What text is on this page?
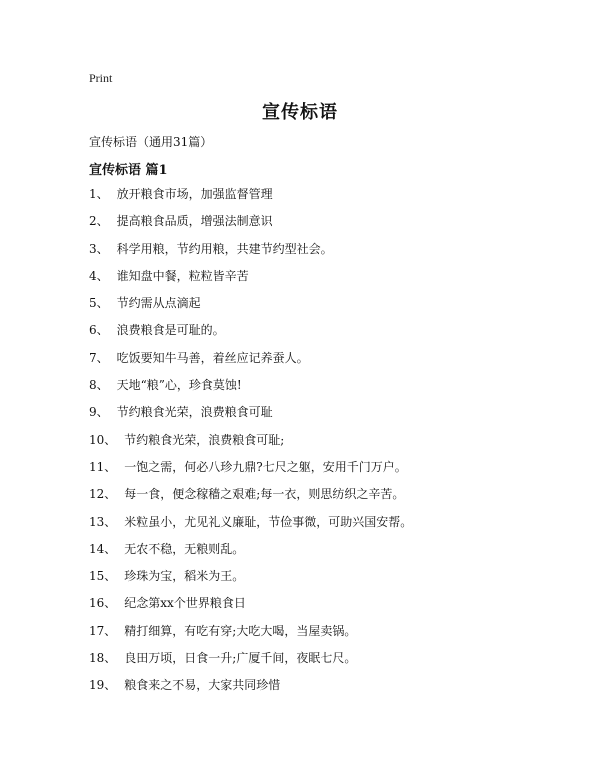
Print
宣传标语
宣传标语（通用31篇）
宣传标语 篇1
1、 放开粮食市场，加强监督管理
2、 提高粮食品质，增强法制意识
3、 科学用粮，节约用粮，共建节约型社会。
4、 谁知盘中餐，粒粒皆辛苦
5、 节约需从点滴起
6、 浪费粮食是可耻的。
7、 吃饭要知牛马善，着丝应记养蚕人。
8、 天地“粮”心，珍食莫蚀!
9、 节约粮食光荣，浪费粮食可耻
10、 节约粮食光荣，浪费粮食可耻;
11、 一饱之需，何必八珍九鼎?七尺之躯，安用千门万户。
12、 每一食，便念稼穑之艰难;每一衣，则思纺织之辛苦。
13、 米粒虽小，尤见礼义廉耻，节俭事微，可助兴国安帮。
14、 无农不稳，无粮则乱。
15、 珍珠为宝，稻米为王。
16、 纪念第xx个世界粮食日
17、 精打细算，有吃有穿;大吃大喝，当屋卖锅。
18、 良田万顷，日食一升;广厦千间，夜眠七尺。
19、 粮食来之不易，大家共同珍惜
